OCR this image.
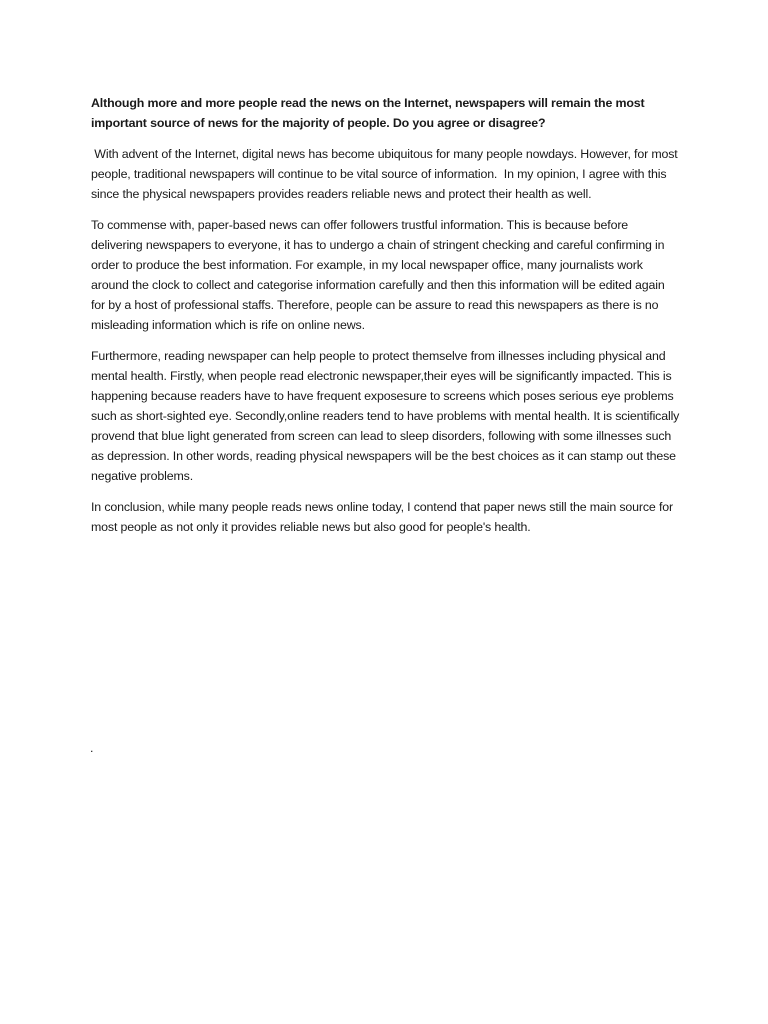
Although more and more people read the news on the Internet, newspapers will remain the most important source of news for the majority of people. Do you agree or disagree?

With advent of the Internet, digital news has become ubiquitous for many people nowdays. However, for most people, traditional newspapers will continue to be vital source of information.  In my opinion, I agree with this since the physical newspapers provides readers reliable news and protect their health as well.

To commense with, paper-based news can offer followers trustful information. This is because before delivering newspapers to everyone, it has to undergo a chain of stringent checking and careful confirming in order to produce the best information. For example, in my local newspaper office, many journalists work around the clock to collect and categorise information carefully and then this information will be edited again for by a host of professional staffs. Therefore, people can be assure to read this newspapers as there is no misleading information which is rife on online news.

Furthermore, reading newspaper can help people to protect themselve from illnesses including physical and mental health. Firstly, when people read electronic newspaper,their eyes will be significantly impacted. This is happening because readers have to have frequent exposesure to screens which poses serious eye problems such as short-sighted eye. Secondly,online readers tend to have problems with mental health. It is scientifically provend that blue light generated from screen can lead to sleep disorders, following with some illnesses such as depression. In other words, reading physical newspapers will be the best choices as it can stamp out these negative problems.

In conclusion, while many people reads news online today, I contend that paper news still the main source for most people as not only it provides reliable news but also good for people's health.

.
